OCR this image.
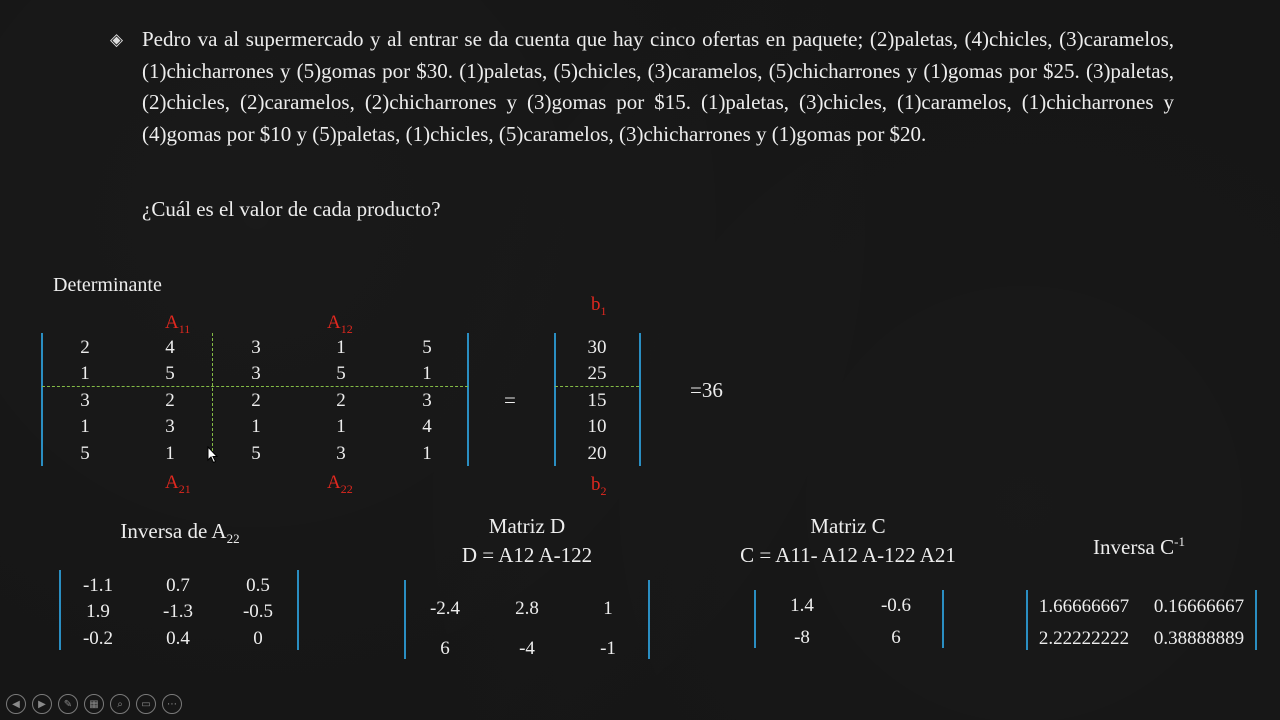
◈ Pedro va al supermercado y al entrar se da cuenta que hay cinco ofertas en paquete; (2)paletas, (4)chicles, (3)caramelos, (1)chicharrones y (5)gomas por $30. (1)paletas, (5)chicles, (3)caramelos, (5)chicharrones y (1)gomas por $25. (3)paletas, (2)chicles, (2)caramelos, (2)chicharrones y (3)gomas por $15. (1)paletas, (3)chicles, (1)caramelos, (1)chicharrones y (4)gomas por $10 y (5)paletas, (1)chicles, (5)caramelos, (3)chicharrones y (1)gomas por $20.

¿Cuál es el valor de cada producto?

Determinante

$A_{11}$	$A_{12}$
$A_{21}$	$A_{22}$
$b_1$
$b_2$
2	4	3	1	5
1	5	3	5	1
3	2	2	2	3
1	3	1	1	4
5	1	5	3	1
=
30
25
15
10
20
=36

Inversa de $A_{22}$

-1.1	0.7	0.5
1.9	-1.3	-0.5
-0.2	0.4	0

Matriz D

D = A12 A-122

-2.4	2.8	1
6	-4	-1

Matriz C

C = A11- A12 A-122 A21

1.4	-0.6
-8	6

Inversa $C^{-1}$

1.66666667	0.16666667
2.22222222	0.38888889
◀	▶	✎	▦	⌕	▭	⋯
